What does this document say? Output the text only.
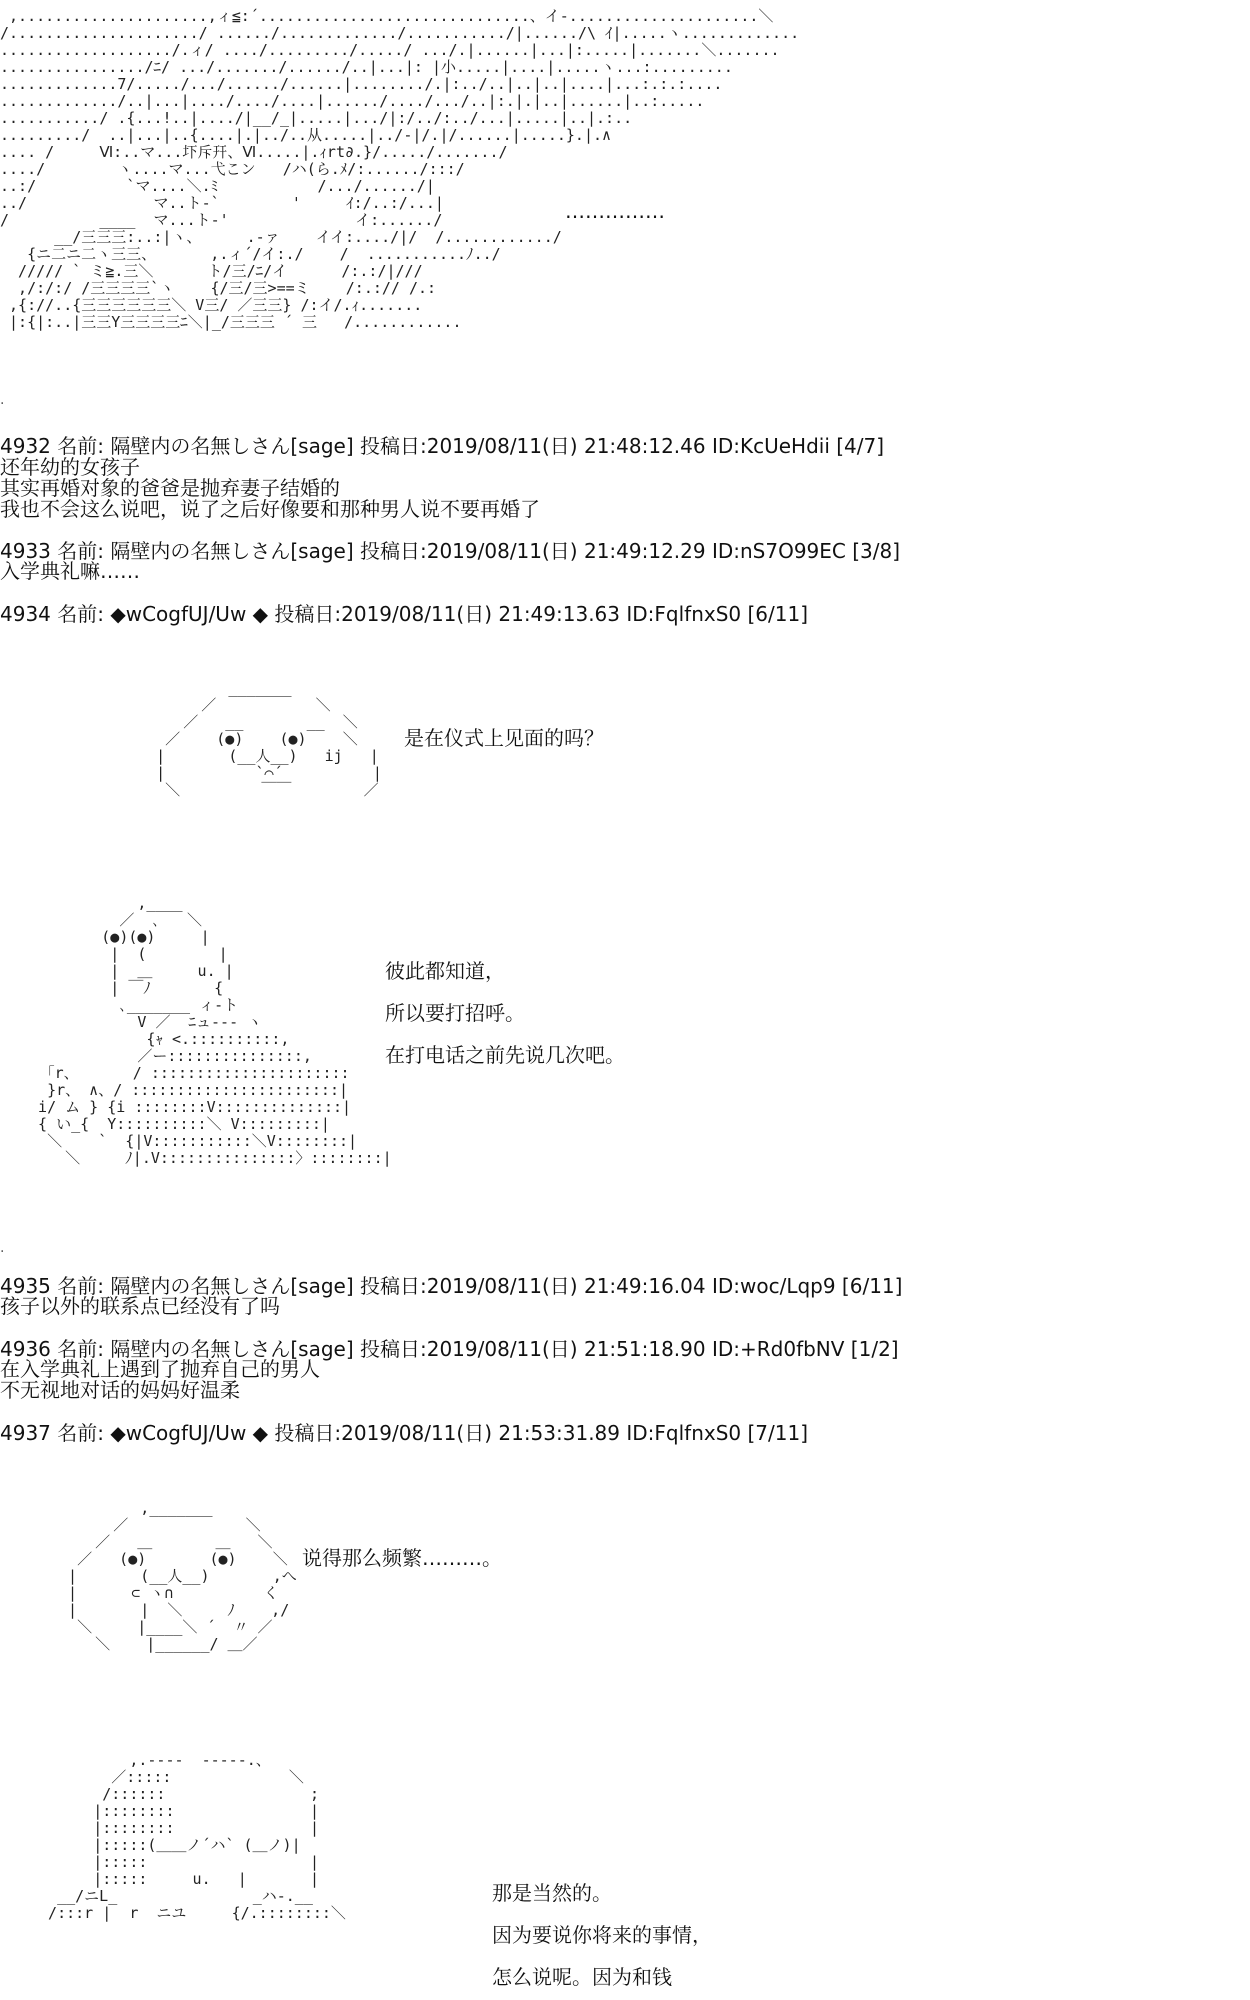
,.....................,ィ≦:´..............................、イ-.....................＼
/...................../ ....../............./.........../|....../\ ｲ|.....ヽ.............
.................../.ィ/ ..../........./...../ .../.|......|...|:.....|.......＼.......
................/ﾆ/ .../......./....../..|...|: |小.....|....|.....ヽ...:.........
.............7/...../.../....../......|......../.|:../..|..|..|....|...:.:.:....
............./..|...|..../..../....|....../..../.../..|:.|.|..|......|..:.....
.........../ .{...!..|..../|__/_|.....|.../|:/../:../...|.....|..|.:..
........./  ..|...|..{....|.|../..从.....|../-|/.|/......|.....}.|.∧
.... /     Ⅵ:..マ...圷斥幵、Ⅵ.....|.ｨrt∂.}/...../......./
..../        ヽ....マ...弋こン   /ハ(ら.ﾒ/:....../:::/
..:/          `マ....＼.ﾐ           /.../....../|
../              マ..ト-`        '     ｲ:/..:/...|
/          ____  マ...ト-'              イ:....../
__/三三三:..:|ヽ、     .-ァ    イイ:..../|/  /............/
{ニ二ニ二ヽ三三、      ,.ィ´/イ:./    /  ...........ﾉ../
///// ` ミ≧.三＼      ト/三/ﾆ/イ      /:.:/|///
,/:/:/ /三三三三`ヽ    {/三/三>==ミ    /:.:// /.:
,{://..{三三三三三三＼ V三/ ／三三} /:イ/.ｨ.......
|:{|:..|三三Y三三三三ﾆ＼|_/三三三 ´ 三   /............

……………
.
4932 名前: 隔壁内の名無しさん[sage] 投稿日:2019/08/11(日) 21:48:12.46 ID:KcUeHdii [4/7]
还年幼的女孩子
其实再婚对象的爸爸是抛弃妻子结婚的
我也不会这么说吧，说了之后好像要和那种男人说不要再婚了
4933 名前: 隔壁内の名無しさん[sage] 投稿日:2019/08/11(日) 21:49:12.29 ID:nS7O99EC [3/8]
入学典礼嘛……
4934 名前: ◆wCogfUJ/Uw ◆ 投稿日:2019/08/11(日) 21:49:13.63 ID:FqlfnxS0 [6/11]
_______
／           ＼
／   __       __  ＼
／    (●)    (●)    ＼
|       (__人__)   ij   |
|          `⌒´          |
＼         ￣￣        ／

是在仪式上见面的吗？
,____
／  ､   ＼
(●)(●)     |
|  (        |
|  ＿     u. |
| ￣ﾉ       {
､_______ ィ-ト
V ／  ﾆュ-‐- ヽ
{ｬ <.::::::::::,
／ー:::::::::::::::,
｢r、      / ::::::::::::::::::::::
}r、 ∧、/ :::::::::::::::::::::::|
i/ ム } {i ::::::::V::::::::::::::|
{ い_{  Y::::::::::＼ V:::::::::|
＼    `  {|V:::::::::::＼V::::::::|
＼     ﾉ|.V:::::::::::::::〉::::::::|

彼此都知道，
所以要打招呼。
在打电话之前先说几次吧。
.
4935 名前: 隔壁内の名無しさん[sage] 投稿日:2019/08/11(日) 21:49:16.04 ID:woc/Lqp9 [6/11]
孩子以外的联系点已经没有了吗
4936 名前: 隔壁内の名無しさん[sage] 投稿日:2019/08/11(日) 21:51:18.90 ID:+Rd0fbNV [1/2]
在入学典礼上遇到了抛弃自己的男人
不无视地对话的妈妈好温柔
4937 名前: ◆wCogfUJ/Uw ◆ 投稿日:2019/08/11(日) 21:53:31.89 ID:FqlfnxS0 [7/11]
,_______
／             ＼
／   ＿       ＿   ＼
／   (●)       (●)    ＼
|       (__人__)       ,へ
|      ⊂ ヽ∩          く
|       |  ＼     ﾉ    ,/
＼     |____＼ ´  〃 ／
＼    |______/ ＿／

说得那么频繁………。
,.‐‐‐‐  ‐‐‐‐‐.、
／:::::             ＼
/::::::                ;
|::::::::               |
|::::::::               |
|:::::(＿＿ノ´ハ` (＿ノ)|
|:::::                  |
|:::::     u.   |       |
__/ニL_               _ハ-.__
/:::r |  r  ニユ     {/.::::::::＼

那是当然的。
因为要说你将来的事情，
怎么说呢。因为和钱
